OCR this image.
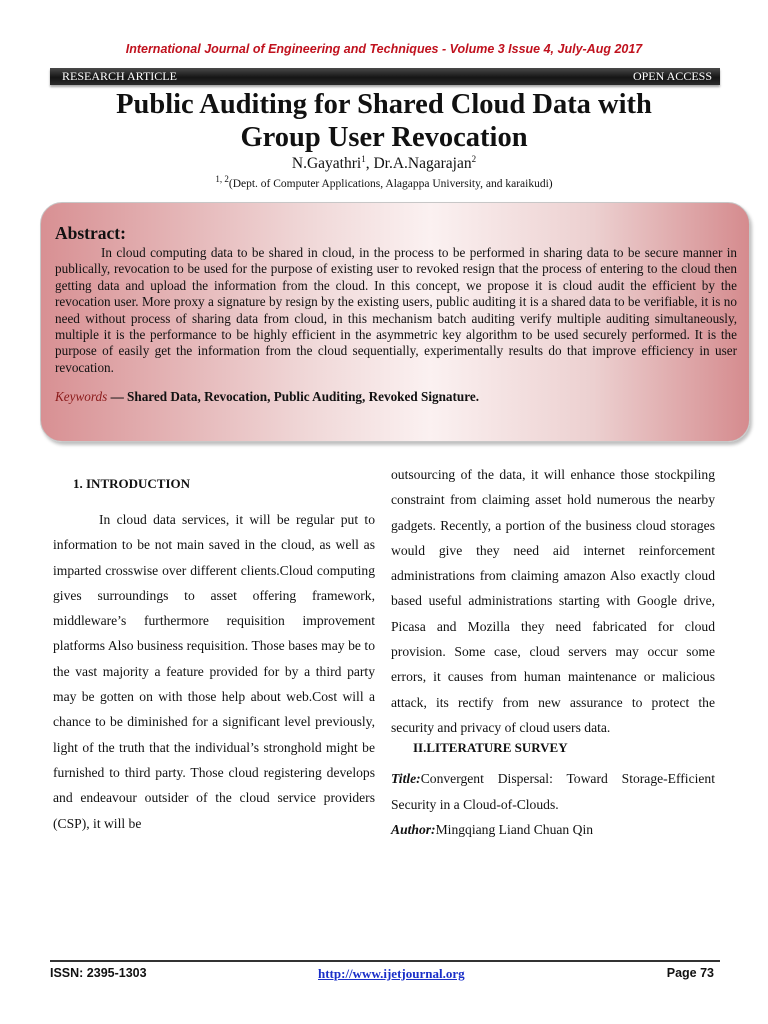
International Journal of Engineering and Techniques - Volume 3 Issue 4, July-Aug 2017
RESEARCH ARTICLE	OPEN ACCESS
Public Auditing for Shared Cloud Data with
Group User Revocation
N.Gayathri$^1$, Dr.A.Nagarajan$^2$
$^{1, 2}$(Dept. of Computer Applications, Alagappa University, and karaikudi)
Abstract:

In cloud computing data to be shared in cloud, in the process to be performed in sharing data to be secure manner in publically, revocation to be used for the purpose of existing user to revoked resign that the process of entering to the cloud then getting data and upload the information from the cloud. In this concept, we propose it is cloud audit the efficient by the revocation user. More proxy a signature by resign by the existing users, public auditing it is a shared data to be verifiable, it is no need without process of sharing data from cloud, in this mechanism batch auditing verify multiple auditing simultaneously, multiple it is the performance to be highly efficient in the asymmetric key algorithm to be used securely performed. It is the purpose of easily get the information from the cloud sequentially, experimentally results do that improve efficiency in user revocation.

Keywords — Shared Data, Revocation, Public Auditing, Revoked Signature.
1. INTRODUCTION

In cloud data services, it will be regular put to information to be not main saved in the cloud, as well as imparted crosswise over different clients.Cloud computing gives surroundings to asset offering framework, middleware’s furthermore requisition improvement platforms Also business requisition. Those bases may be to the vast majority a feature provided for by a third party may be gotten on with those help about web.Cost will a chance to be diminished for a significant level previously, light of the truth that the individual’s stronghold might be furnished to third party. Those cloud registering develops and endeavour outsider of the cloud service providers (CSP), it will be

outsourcing of the data, it will enhance those stockpiling constraint from claiming asset hold numerous the nearby gadgets. Recently, a portion of the business cloud storages would give they need aid internet reinforcement administrations from claiming amazon Also exactly cloud based useful administrations starting with Google drive, Picasa and Mozilla they need fabricated for cloud provision. Some case, cloud servers may occur some errors, it causes from human maintenance or malicious attack, its rectify from new assurance to protect the security and privacy of cloud users data.

II.LITERATURE SURVEY

Title:Convergent Dispersal: Toward Storage-Efficient Security in a Cloud-of-Clouds.

Author:Mingqiang Liand Chuan Qin

ISSN: 2395-1303	http://www.ijetjournal.org	Page 73
